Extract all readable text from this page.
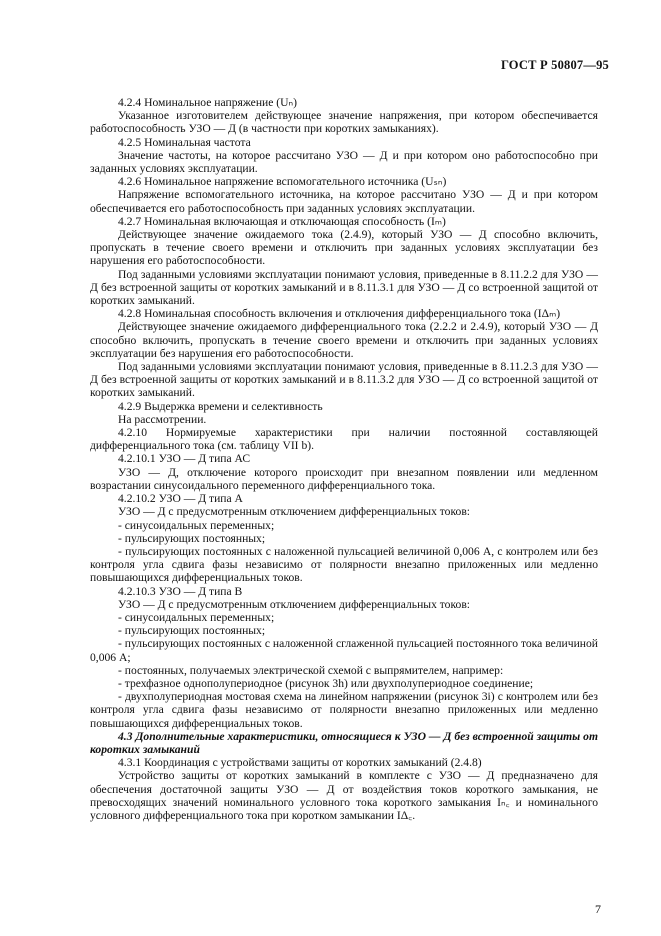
ГОСТ Р 50807—95

4.2.4 Номинальное напряжение (Uₙ)

Указанное изготовителем действующее значение напряжения, при котором обеспечивается работоспособность УЗО — Д (в частности при коротких замыканиях).

4.2.5 Номинальная частота

Значение частоты, на которое рассчитано УЗО — Д и при котором оно работоспособно при заданных условиях эксплуатации.

4.2.6 Номинальное напряжение вспомогательного источника (Uₛₙ)

Напряжение вспомогательного источника, на которое рассчитано УЗО — Д и при котором обеспечивается его работоспособность при заданных условиях эксплуатации.

4.2.7 Номинальная включающая и отключающая способность (Iₘ)

Действующее значение ожидаемого тока (2.4.9), который УЗО — Д способно включить, пропускать в течение своего времени и отключить при заданных условиях эксплуатации без нарушения его работоспособности.

Под заданными условиями эксплуатации понимают условия, приведенные в 8.11.2.2 для УЗО — Д без встроенной защиты от коротких замыканий и в 8.11.3.1 для УЗО — Д со встроенной защитой от коротких замыканий.

4.2.8 Номинальная способность включения и отключения дифференциального тока (IΔₘ)

Действующее значение ожидаемого дифференциального тока (2.2.2 и 2.4.9), который УЗО — Д способно включить, пропускать в течение своего времени и отключить при заданных условиях эксплуатации без нарушения его работоспособности.

Под заданными условиями эксплуатации понимают условия, приведенные в 8.11.2.3 для УЗО — Д без встроенной защиты от коротких замыканий и в 8.11.3.2 для УЗО — Д со встроенной защитой от коротких замыканий.

4.2.9 Выдержка времени и селективность

На рассмотрении.

4.2.10 Нормируемые характеристики при наличии постоянной составляющей дифференциального тока (см. таблицу VII b).

4.2.10.1 УЗО — Д типа АС

УЗО — Д, отключение которого происходит при внезапном появлении или медленном возрастании синусоидального переменного дифференциального тока.

4.2.10.2 УЗО — Д типа А

УЗО — Д с предусмотренным отключением дифференциальных токов:

- синусоидальных переменных;

- пульсирующих постоянных;

- пульсирующих постоянных с наложенной пульсацией величиной 0,006 А, с контролем или без контроля угла сдвига фазы независимо от полярности внезапно приложенных или медленно повышающихся дифференциальных токов.

4.2.10.3 УЗО — Д типа В

УЗО — Д с предусмотренным отключением дифференциальных токов:

- синусоидальных переменных;

- пульсирующих постоянных;

- пульсирующих постоянных с наложенной сглаженной пульсацией постоянного тока величиной 0,006 А;

- постоянных, получаемых электрической схемой с выпрямителем, например:

- трехфазное однополупериодное (рисунок 3h) или двухполупериодное соединение;

- двухполупериодная мостовая схема на линейном напряжении (рисунок 3i) с контролем или без контроля угла сдвига фазы независимо от полярности внезапно приложенных или медленно повышающихся дифференциальных токов.

4.3 Дополнительные характеристики, относящиеся к УЗО — Д без встроенной защиты от коротких замыканий

4.3.1 Координация с устройствами защиты от коротких замыканий (2.4.8)

Устройство защиты от коротких замыканий в комплекте с УЗО — Д предназначено для обеспечения достаточной защиты УЗО — Д от воздействия токов короткого замыкания, не превосходящих значений номинального условного тока короткого замыкания Iₙ꜀ и номинального условного дифференциального тока при коротком замыкании IΔ꜀.

7
